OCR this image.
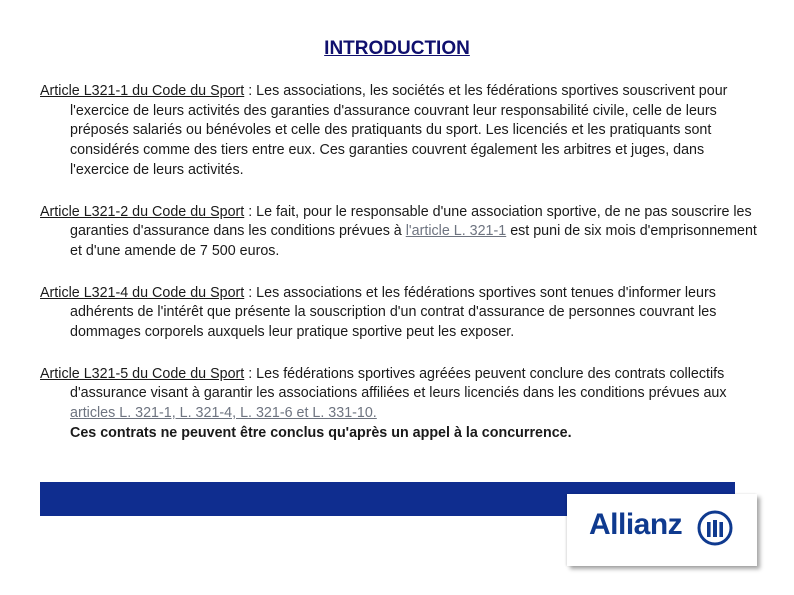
INTRODUCTION

Article L321-1 du Code du Sport : Les associations, les sociétés et les fédérations sportives souscrivent pour l'exercice de leurs activités des garanties d'assurance couvrant leur responsabilité civile, celle de leurs préposés salariés ou bénévoles et celle des pratiquants du sport. Les licenciés et les pratiquants sont considérés comme des tiers entre eux. Ces garanties couvrent également les arbitres et juges, dans l'exercice de leurs activités.

Article L321-2 du Code du Sport : Le fait, pour le responsable d'une association sportive, de ne pas souscrire les garanties d'assurance dans les conditions prévues à l'article L. 321-1 est puni de six mois d'emprisonnement et d'une amende de 7 500 euros.

Article L321-4 du Code du Sport : Les associations et les fédérations sportives sont tenues d'informer leurs adhérents de l'intérêt que présente la souscription d'un contrat d'assurance de personnes couvrant les dommages corporels auxquels leur pratique sportive peut les exposer.

Article L321-5 du Code du Sport : Les fédérations sportives agréées peuvent conclure des contrats collectifs d'assurance visant à garantir les associations affiliées et leurs licenciés dans les conditions prévues aux articles L. 321-1, L. 321-4, L. 321-6 et L. 331-10.
Ces contrats ne peuvent être conclus qu'après un appel à la concurrence.

Allianz
